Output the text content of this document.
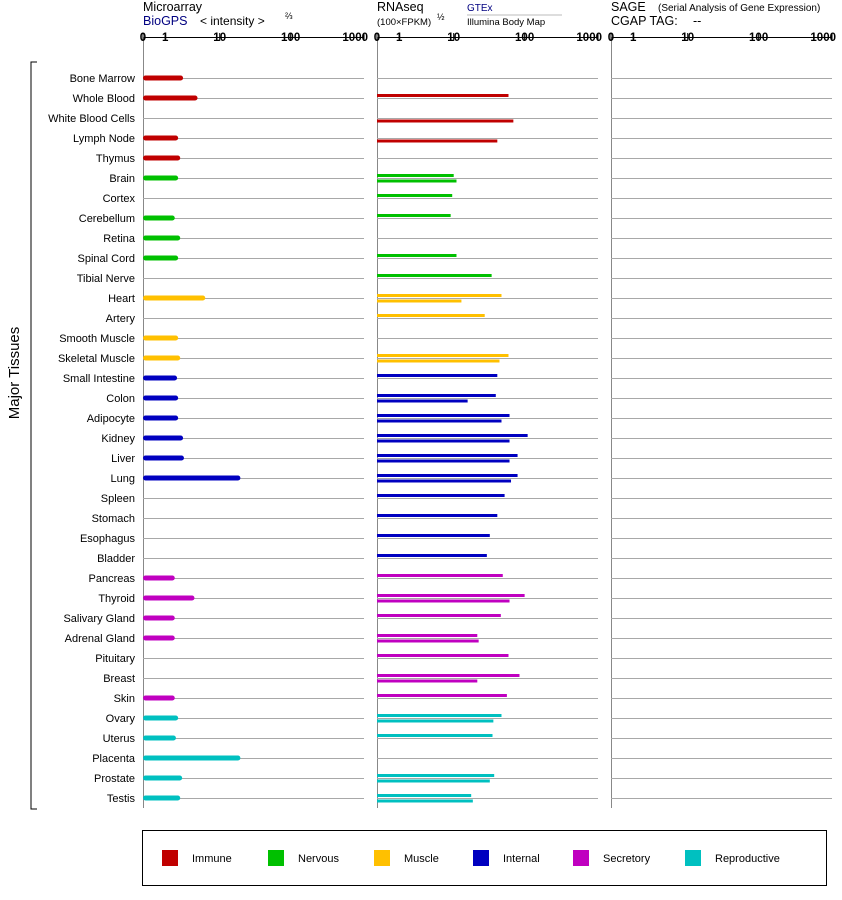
Microarray
BioGPS < intensity > ⅔
RNAseq
(100×FPKM) ½
GTEx
Illumina Body Map
SAGE (Serial Analysis of Gene Expression)
CGAP TAG: --
Major Tissues
0 1	10	100	1000 0 1	10	100	1000 0 1	10	100	1000
Bone Marrow
Whole Blood
White Blood Cells
Lymph Node
Thymus
Brain
Cortex
Cerebellum
Retina
Spinal Cord
Tibial Nerve
Heart
Artery
Smooth Muscle
Skeletal Muscle
Small Intestine
Colon
Adipocyte
Kidney
Liver
Lung
Spleen
Stomach
Esophagus
Bladder
Pancreas
Thyroid
Salivary Gland
Adrenal Gland
Pituitary
Breast
Skin
Ovary
Uterus
Placenta
Prostate
Testis
Immune	Nervous	Muscle	Internal	Secretory	Reproductive
